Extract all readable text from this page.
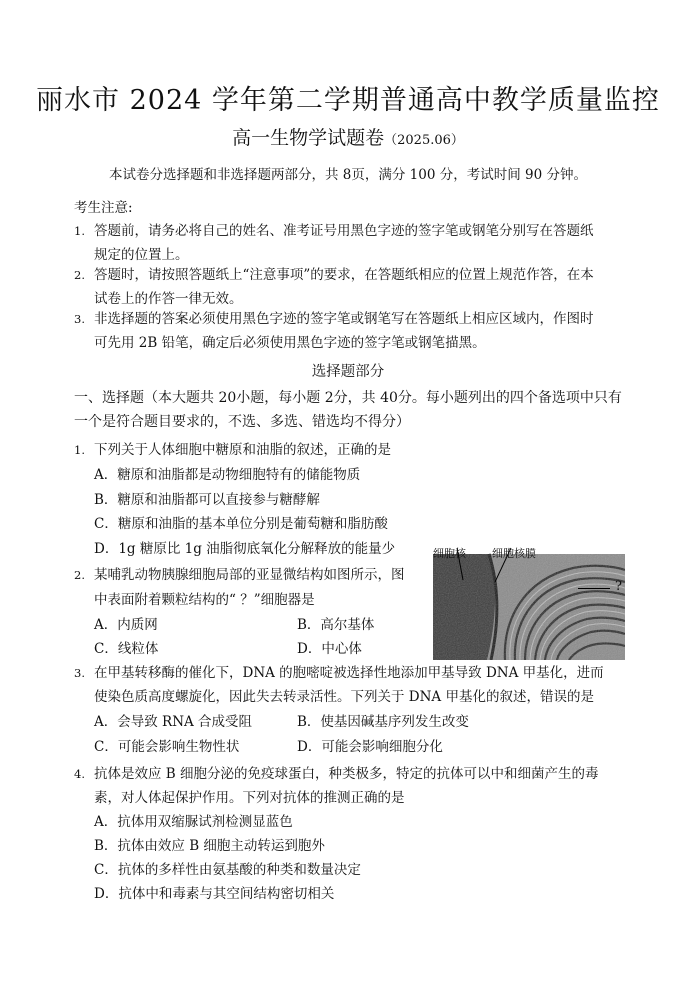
丽水市 2024 学年第二学期普通高中教学质量监控
高一生物学试题卷（2025.06）
本试卷分选择题和非选择题两部分，共 8页，满分 100 分，考试时间 90 分钟。
考生注意:
1. 答题前，请务必将自己的姓名、准考证号用黑色字迹的签字笔或钢笔分别写在答题纸
规定的位置上。
2. 答题时，请按照答题纸上“注意事项”的要求，在答题纸相应的位置上规范作答，在本
试卷上的作答一律无效。
3. 非选择题的答案必须使用黑色字迹的签字笔或钢笔写在答题纸上相应区域内，作图时
可先用 2B 铅笔，确定后必须使用黑色字迹的签字笔或钢笔描黑。
选择题部分
一、选择题（本大题共 20小题，每小题 2分，共 40分。每小题列出的四个备选项中只有
一个是符合题目要求的，不选、多选、错选均不得分）
1. 下列关于人体细胞中糖原和油脂的叙述，正确的是
A．糖原和油脂都是动物细胞特有的储能物质
B．糖原和油脂都可以直接参与糖酵解
C．糖原和油脂的基本单位分别是葡萄糖和脂肪酸
D．1g 糖原比 1g 油脂彻底氧化分解释放的能量少
2. 某哺乳动物胰腺细胞局部的亚显微结构如图所示，图
中表面附着颗粒结构的“ ？”细胞器是
A．内质网	B．高尔基体
C．线粒体	D．中心体
细胞核 细胞核膜
?
3. 在甲基转移酶的催化下，DNA 的胞嘧啶被选择性地添加甲基导致 DNA 甲基化，进而
使染色质高度螺旋化，因此失去转录活性。下列关于 DNA 甲基化的叙述，错误的是
A．会导致 RNA 合成受阻	B．使基因碱基序列发生改变
C．可能会影响生物性状	D．可能会影响细胞分化
4. 抗体是效应 B 细胞分泌的免疫球蛋白，种类极多，特定的抗体可以中和细菌产生的毒
素，对人体起保护作用。下列对抗体的推测正确的是
A．抗体用双缩脲试剂检测显蓝色
B．抗体由效应 B 细胞主动转运到胞外
C．抗体的多样性由氨基酸的种类和数量决定
D．抗体中和毒素与其空间结构密切相关
